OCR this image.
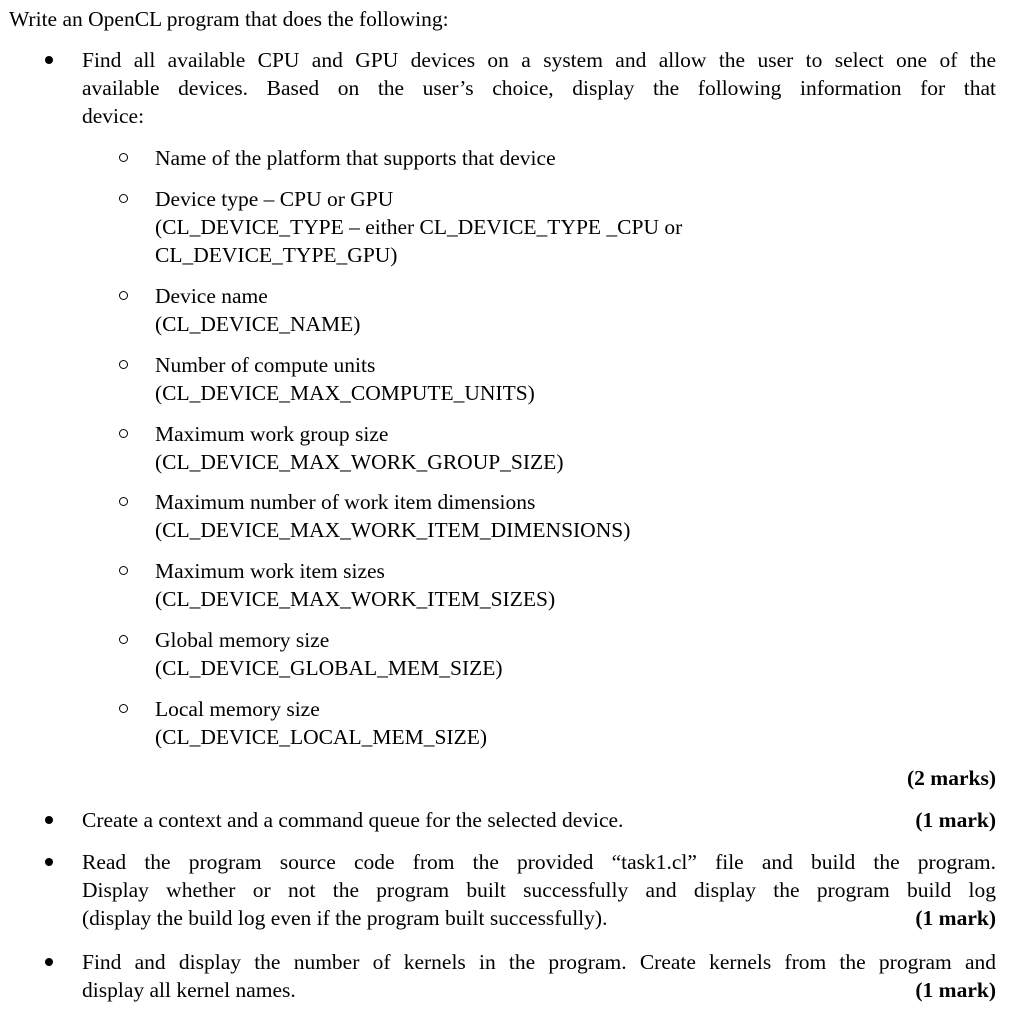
Write an OpenCL program that does the following:
Find all available CPU and GPU devices on a system and allow the user to select one of the
available devices. Based on the user’s choice, display the following information for that
device:
Name of the platform that supports that device
Device type – CPU or GPU
(CL_DEVICE_TYPE – either CL_DEVICE_TYPE _CPU or
CL_DEVICE_TYPE_GPU)
Device name
(CL_DEVICE_NAME)
Number of compute units
(CL_DEVICE_MAX_COMPUTE_UNITS)
Maximum work group size
(CL_DEVICE_MAX_WORK_GROUP_SIZE)
Maximum number of work item dimensions
(CL_DEVICE_MAX_WORK_ITEM_DIMENSIONS)
Maximum work item sizes
(CL_DEVICE_MAX_WORK_ITEM_SIZES)
Global memory size
(CL_DEVICE_GLOBAL_MEM_SIZE)
Local memory size
(CL_DEVICE_LOCAL_MEM_SIZE)
(2 marks)
Create a context and a command queue for the selected device.	(1 mark)
Read the program source code from the provided “task1.cl” file and build the program.
Display whether or not the program built successfully and display the program build log
(display the build log even if the program built successfully).	(1 mark)
Find and display the number of kernels in the program. Create kernels from the program and
display all kernel names.	(1 mark)
